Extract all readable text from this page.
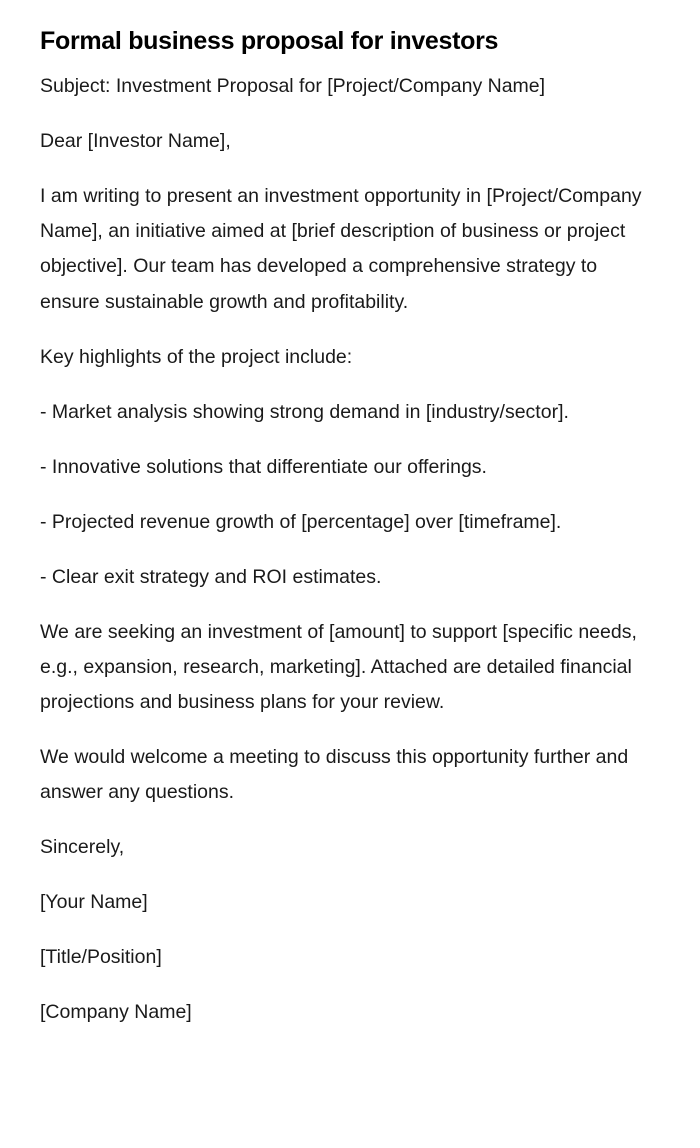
Formal business proposal for investors

Subject: Investment Proposal for [Project/Company Name]

Dear [Investor Name],

I am writing to present an investment opportunity in [Project/Company Name], an initiative aimed at [brief description of business or project objective]. Our team has developed a comprehensive strategy to ensure sustainable growth and profitability.

Key highlights of the project include:

- Market analysis showing strong demand in [industry/sector].

- Innovative solutions that differentiate our offerings.

- Projected revenue growth of [percentage] over [timeframe].

- Clear exit strategy and ROI estimates.

We are seeking an investment of [amount] to support [specific needs, e.g., expansion, research, marketing]. Attached are detailed financial projections and business plans for your review.

We would welcome a meeting to discuss this opportunity further and answer any questions.

Sincerely,

[Your Name]

[Title/Position]

[Company Name]
